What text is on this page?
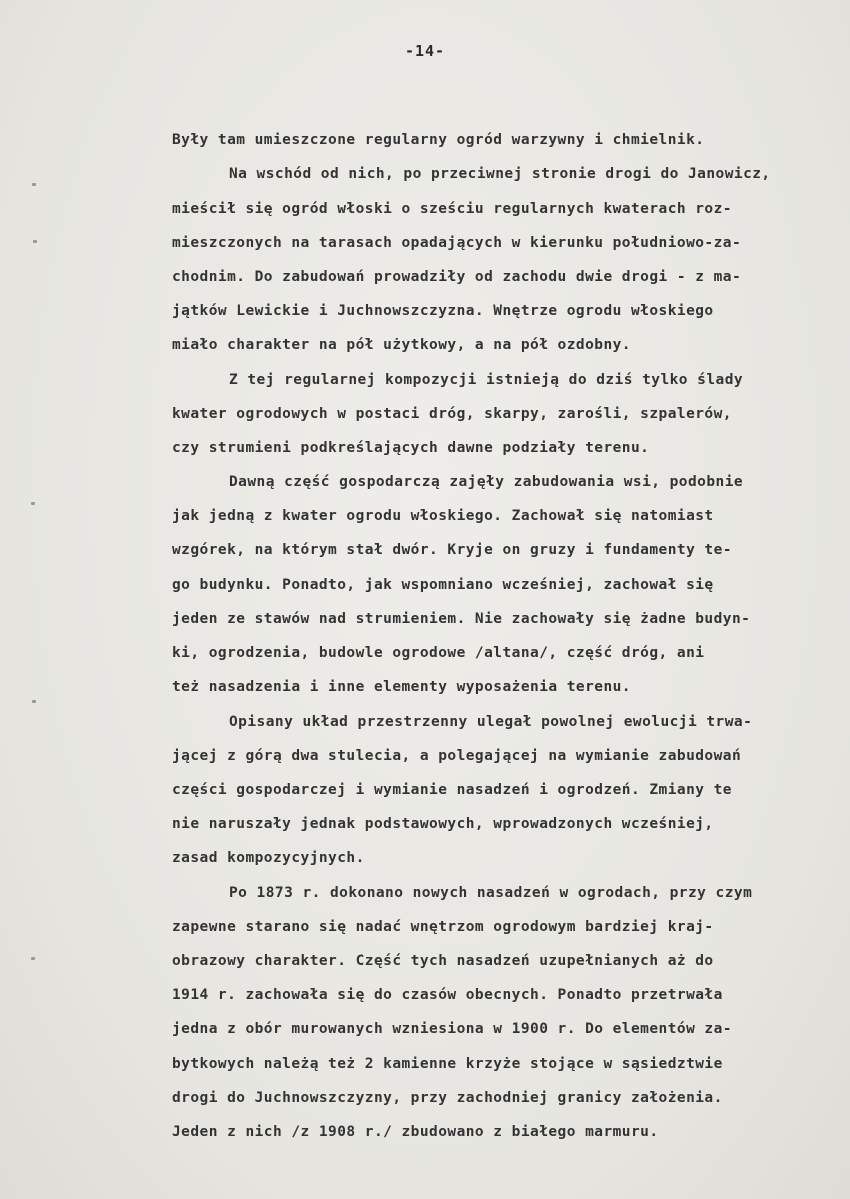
-14-
Były tam umieszczone regularny ogród warzywny i chmielnik.
Na wschód od nich, po przeciwnej stronie drogi do Janowicz,
mieścił się ogród włoski o sześciu regularnych kwaterach roz-
mieszczonych na tarasach opadających w kierunku południowo-za-
chodnim. Do zabudowań prowadziły od zachodu dwie drogi - z ma-
jątków Lewickie i Juchnowszczyzna. Wnętrze ogrodu włoskiego
miało charakter na pół użytkowy, a na pół ozdobny.
Z tej regularnej kompozycji istnieją do dziś tylko ślady
kwater ogrodowych w postaci dróg, skarpy, zarośli, szpalerów,
czy strumieni podkreślających dawne podziały terenu.
Dawną część gospodarczą zajęły zabudowania wsi, podobnie
jak jedną z kwater ogrodu włoskiego. Zachował się natomiast
wzgórek, na którym stał dwór. Kryje on gruzy i fundamenty te-
go budynku. Ponadto, jak wspomniano wcześniej, zachował się
jeden ze stawów nad strumieniem. Nie zachowały się żadne budyn-
ki, ogrodzenia, budowle ogrodowe /altana/, część dróg, ani
też nasadzenia i inne elementy wyposażenia terenu.
Opisany układ przestrzenny ulegał powolnej ewolucji trwa-
jącej z górą dwa stulecia, a polegającej na wymianie zabudowań
części gospodarczej i wymianie nasadzeń i ogrodzeń. Zmiany te
nie naruszały jednak podstawowych, wprowadzonych wcześniej,
zasad kompozycyjnych.
Po 1873 r. dokonano nowych nasadzeń w ogrodach, przy czym
zapewne starano się nadać wnętrzom ogrodowym bardziej kraj-
obrazowy charakter. Część tych nasadzeń uzupełnianych aż do
1914 r. zachowała się do czasów obecnych. Ponadto przetrwała
jedna z obór murowanych wzniesiona w 1900 r. Do elementów za-
bytkowych należą też 2 kamienne krzyże stojące w sąsiedztwie
drogi do Juchnowszczyzny, przy zachodniej granicy założenia.
Jeden z nich /z 1908 r./ zbudowano z białego marmuru.
